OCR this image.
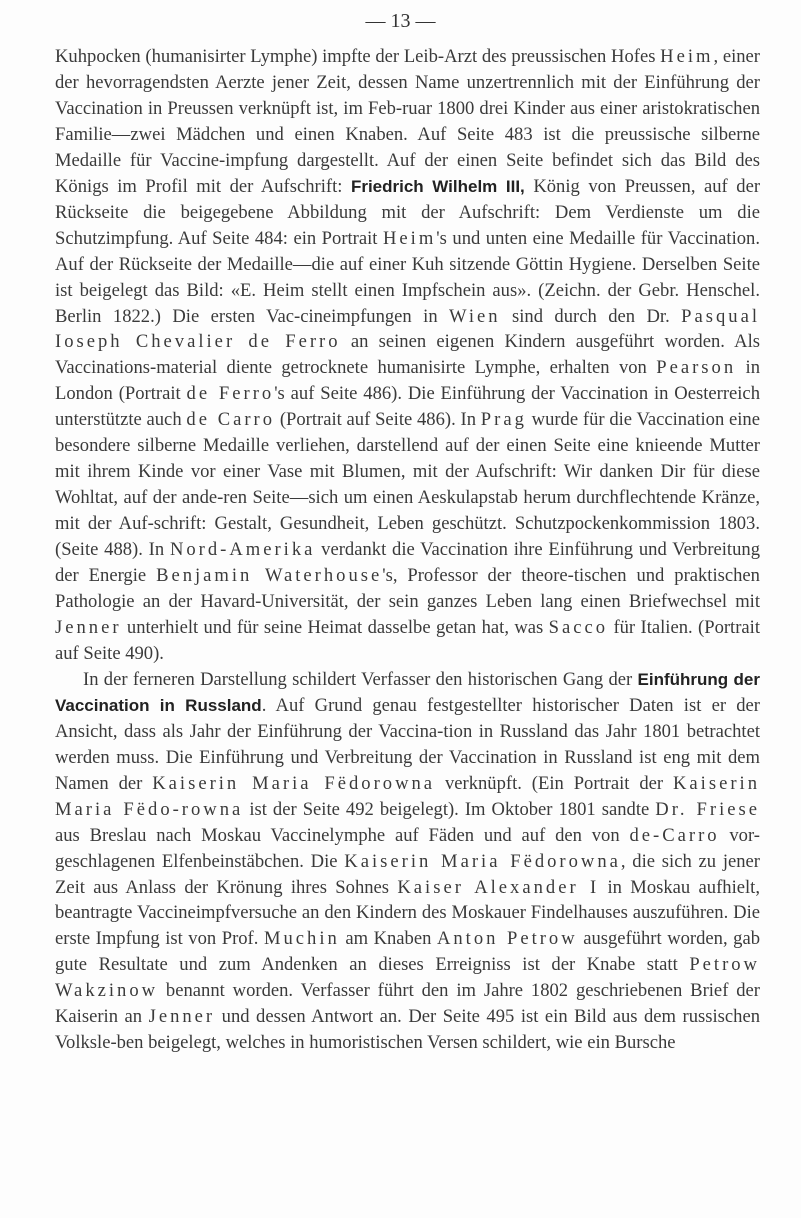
— 13 —

Kuhpocken (humanisirter Lymphe) impfte der Leib-Arzt des preussischen Hofes Heim, einer der hevorragendsten Aerzte jener Zeit, dessen Name unzertrennlich mit der Einführung der Vaccination in Preussen verknüpft ist, im Feb-ruar 1800 drei Kinder aus einer aristokratischen Familie—zwei Mädchen und einen Knaben. Auf Seite 483 ist die preussische silberne Medaille für Vaccine-impfung dargestellt. Auf der einen Seite befindet sich das Bild des Königs im Profil mit der Aufschrift: Friedrich Wilhelm III, König von Preussen, auf der Rückseite die beigegebene Abbildung mit der Aufschrift: Dem Verdienste um die Schutzimpfung. Auf Seite 484: ein Portrait Heim's und unten eine Medaille für Vaccination. Auf der Rückseite der Medaille—die auf einer Kuh sitzende Göttin Hygiene. Derselben Seite ist beigelegt das Bild: «E. Heim stellt einen Impfschein aus». (Zeichn. der Gebr. Henschel. Berlin 1822.) Die ersten Vac-cineimpfungen in Wien sind durch den Dr. Pasqual Ioseph Chevalier de Ferro an seinen eigenen Kindern ausgeführt worden. Als Vaccinations-material diente getrocknete humanisirte Lymphe, erhalten von Pearson in London (Portrait de Ferro's auf Seite 486). Die Einführung der Vaccination in Oesterreich unterstützte auch de Carro (Portrait auf Seite 486). In Prag wurde für die Vaccination eine besondere silberne Medaille verliehen, darstellend auf der einen Seite eine knieende Mutter mit ihrem Kinde vor einer Vase mit Blumen, mit der Aufschrift: Wir danken Dir für diese Wohltat, auf der ande-ren Seite—sich um einen Aeskulapstab herum durchflechtende Kränze, mit der Auf-schrift: Gestalt, Gesundheit, Leben geschützt. Schutzpockenkommission 1803. (Seite 488). In Nord-Amerika verdankt die Vaccination ihre Einführung und Verbreitung der Energie Benjamin Waterhouse's, Professor der theore-tischen und praktischen Pathologie an der Havard-Universität, der sein ganzes Leben lang einen Briefwechsel mit Jenner unterhielt und für seine Heimat dasselbe getan hat, was Sacco für Italien. (Portrait auf Seite 490).

In der ferneren Darstellung schildert Verfasser den historischen Gang der Einführung der Vaccination in Russland. Auf Grund genau festgestellter historischer Daten ist er der Ansicht, dass als Jahr der Einführung der Vaccina-tion in Russland das Jahr 1801 betrachtet werden muss. Die Einführung und Verbreitung der Vaccination in Russland ist eng mit dem Namen der Kaiserin Maria Fëdorowna verknüpft. (Ein Portrait der Kaiserin Maria Fëdo-rowna ist der Seite 492 beigelegt). Im Oktober 1801 sandte Dr. Friese aus Breslau nach Moskau Vaccinelymphe auf Fäden und auf den von de-Carro vor-geschlagenen Elfenbeinstäbchen. Die Kaiserin Maria Fëdorowna, die sich zu jener Zeit aus Anlass der Krönung ihres Sohnes Kaiser Alexander I in Moskau aufhielt, beantragte Vaccineimpfversuche an den Kindern des Moskauer Findelhauses auszuführen. Die erste Impfung ist von Prof. Muchin am Knaben Anton Petrow ausgeführt worden, gab gute Resultate und zum Andenken an dieses Erreigniss ist der Knabe statt Petrow Wakzinow benannt worden. Verfasser führt den im Jahre 1802 geschriebenen Brief der Kaiserin an Jenner und dessen Antwort an. Der Seite 495 ist ein Bild aus dem russischen Volksle-ben beigelegt, welches in humoristischen Versen schildert, wie ein Bursche
